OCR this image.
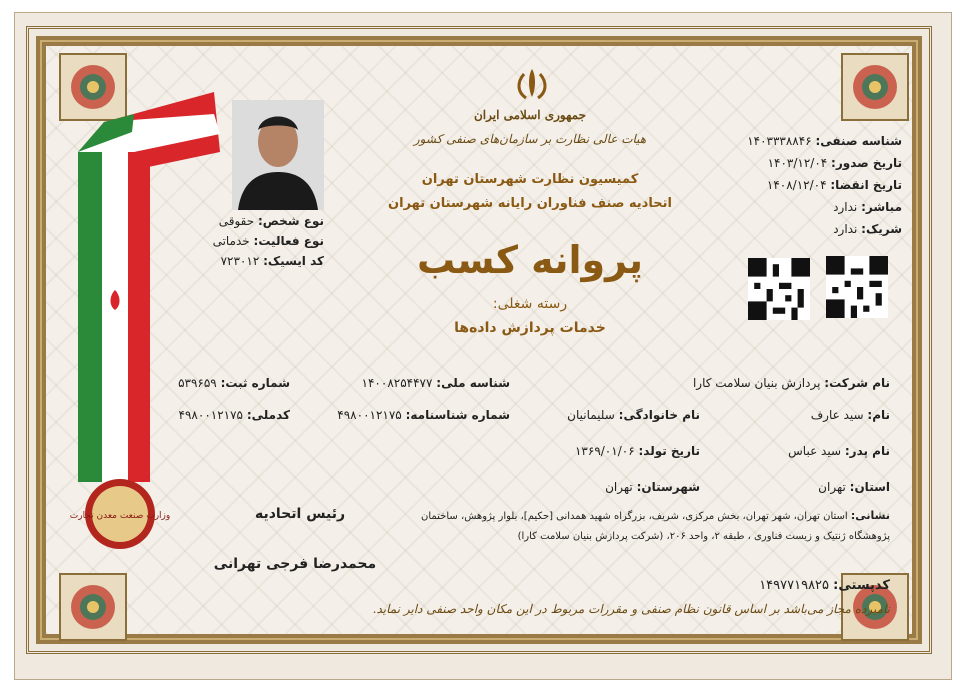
وزارت صنعت معدن تجارت
جمهوری اسلامی ایران
هیات عالی نظارت بر سازمان‌های صنفی کشور
کمیسیون نظارت شهرستان تهران
اتحادیه صنف فناوران رایانه شهرستان تهران
پروانه کسب
رسته شغلی:
خدمات پردازش داده‌ها
نوع شخص: حقوقی
نوع فعالیت: خدماتی
کد ایسیک: ۷۲۳۰۱۲
شناسه صنفی: ۱۴۰۳۳۳۸۸۴۶
تاریخ صدور: ۱۴۰۳/۱۲/۰۴
تاریخ انقضا: ۱۴۰۸/۱۲/۰۴
مباشر: ندارد
شریک: ندارد
نام شرکت: پردازش بنیان سلامت کارا
شناسه ملی: ۱۴۰۰۸۲۵۴۴۷۷
شماره ثبت: ۵۳۹۶۵۹
نام: سید عارف
نام خانوادگی: سلیمانیان
شماره شناسنامه: ۴۹۸۰۰۱۲۱۷۵
کدملی: ۴۹۸۰۰۱۲۱۷۵
نام پدر: سید عباس
تاریخ تولد: ۱۳۶۹/۰۱/۰۶
استان: تهران
شهرستان: تهران
نشانی: استان تهران، شهر تهران، بخش مرکزی، شریف، بزرگراه شهید همدانی [حکیم]، بلوار پژوهش، ساختمان
پژوهشگاه ژنتیک و زیست فناوری ، طبقه ۲، واحد ۲۰۶، (شرکت پردازش بنیان سلامت کارا)
رئیس اتحادیه
محمدرضا فرجی تهرانی
کدپستی: ۱۴۹۷۷۱۹۸۲۵
نامبرده مجاز می‌باشد بر اساس قانون نظام صنفی و مقررات مربوط در این مکان واحد صنفی دایر نماید.
